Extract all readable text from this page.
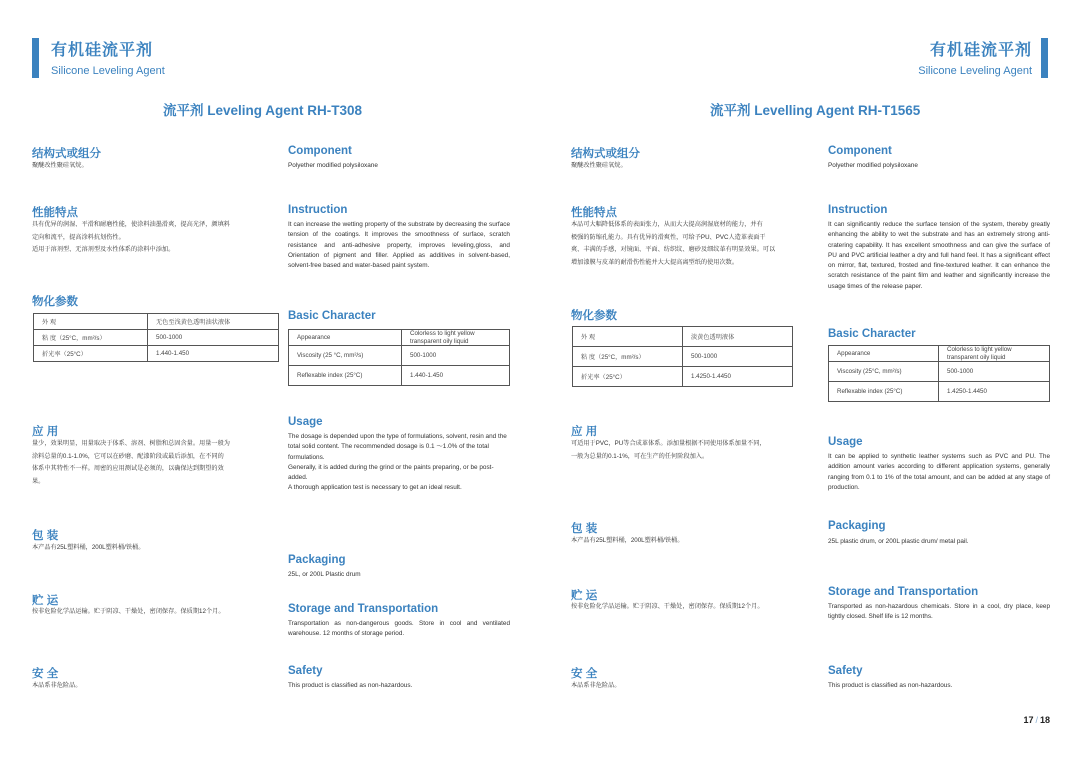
有机硅流平剂
Silicone Leveling Agent
有机硅流平剂
Silicone Leveling Agent
流平剂 Leveling Agent RH-T308	流平剂 Levelling Agent RH-T1565
结构式或组分
聚醚改性聚硅氧烷。
性能特点
具有优异的润湿、平滑和耐磨性能，使涂料油墨滑爽，提高光泽，颜填料
定向和流平，提高涂料抗划伤性。
适用于溶剂型、无溶剂型及水性体系的涂料中添加。
物化参数
外 观	无色至浅黄色透明油状液体
粘 度（25°C，mm²/s）	500-1000
折光率（25°C）	1.440-1.450
应 用
量少，效果明显，用量取决于体系、溶剂、树脂和总固含量。用量一般为
涂料总量的0.1-1.0%，它可以在砂磨、配漆阶段或最后添加，在不同的
体系中其特性不一样。周密的应用测试是必须的，以确保达到期望的效
果。
包 装
本产品有25L塑料桶，200L塑料桶/铁桶。
贮 运
按非危险化学品运输。贮于阴凉、干燥处，密闭保存。保质期12个月。
安 全
本品系非危险品。
Component
Polyether modified polysiloxane
Instruction
It can increase the wetting property of the substrate by decreasing the surface tension of the coatings. It improves the smoothness of surface, scratch resistance and anti-adhesive property, improves leveling,gloss, and Orientation of pigment and filler. Applied as additives in solvent-based, solvent-free based and water-based paint system.
Basic Character
Appearance	Colorless to light yellow transparent oily liquid
Viscosity (25 °C, mm²/s)	500-1000
Reflexable index (25°C)	1.440-1.450
Usage
The dosage is depended upon the type of formulations, solvent, resin and the total solid content. The recommended dosage is 0.1 ～1.0% of the total formulations.
Generally, it is added during the grind or the paints preparing, or be post-added.
A thorough application test is necessary to get an ideal result.
Packaging
25L, or 200L Plastic drum
Storage and Transportation
Transportation as non-dangerous goods. Store in cool and ventilated warehouse. 12 months of storage period.
Safety
This product is classified as non-hazardous.
结构式或组分
聚醚改性聚硅氧烷。
性能特点
本品可大幅降低体系的表面张力，从而大大提高润湿底材的能力，并有
极强的防缩孔能力。具有优异的滑爽性，可给予PU、PVC人造革表面干
爽、丰满的手感，对镜面、平面、纺织纹、磨砂及细纹革有明显效果。可以
增加漆膜与皮革的耐滑伤性能并大大提高离型纸的使用次数。
物化参数
外 观	淡黄色透明液体
粘 度（25°C，mm²/s）	500-1000
折光率（25°C）	1.4250-1.4450
应 用
可适用于PVC，PU等合成革体系。添加量根据不同使用体系加量不同，
一般为总量的0.1-1%，可在生产的任何阶段加入。
包 装
本产品有25L塑料桶，200L塑料桶/铁桶。
贮 运
按非危险化学品运输。贮于阴凉、干燥处，密闭保存。保质期12个月。
安 全
本品系非危险品。
Component
Polyether modified polysiloxane
Instruction
It can significantly reduce the surface tension of the system, thereby greatly enhancing the ability to wet the substrate and has an extremely strong anti-cratering capability. It has excellent smoothness and can give the surface of PU and PVC artificial leather a dry and full hand feel. It has a significant effect on mirror, flat, textured, frosted and fine-textured leather. It can enhance the scratch resistance of the paint film and leather and significantly increase the usage times of the release paper.
Basic Character
Appearance	Colorless to light yellow transparent oily liquid
Viscosity (25°C, mm²/s)	500-1000
Reflexable index (25°C)	1.4250-1.4450
Usage
It can be applied to synthetic leather systems such as PVC and PU. The addition amount varies according to different application systems, generally ranging from 0.1 to 1% of the total amount, and can be added at any stage of production.
Packaging
25L plastic drum, or 200L plastic drum/ metal pail.
Storage and Transportation
Transported as non-hazardous chemicals. Store in a cool, dry place, keep tightly closed. Shelf life is 12 months.
Safety
This product is classified as non-hazardous.
17 / 18
